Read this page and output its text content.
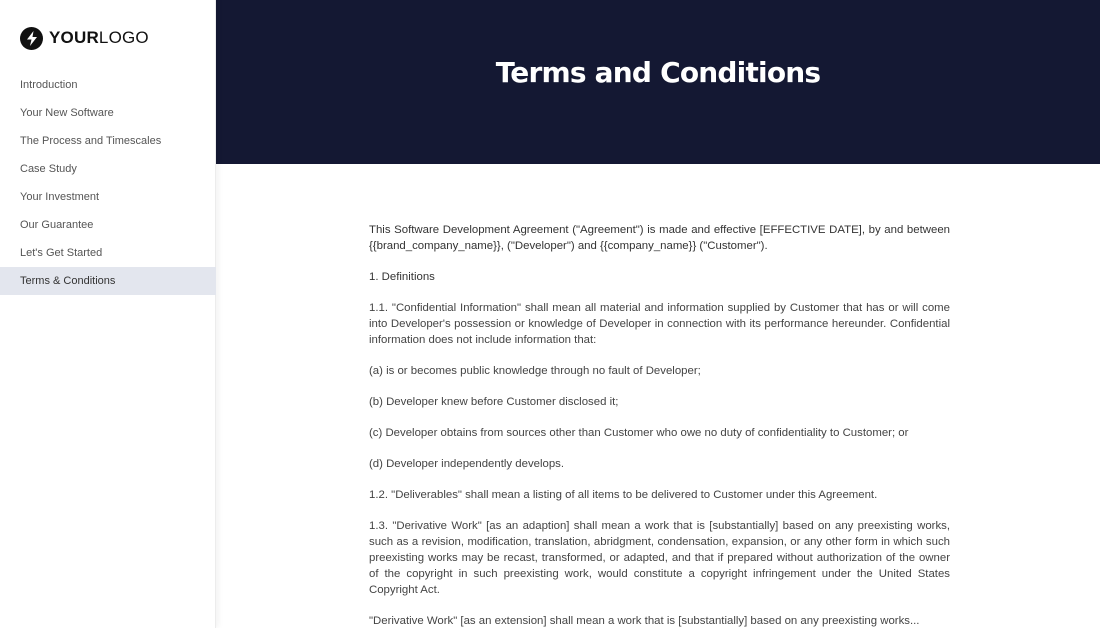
YOURLOGO
Introduction
Your New Software
The Process and Timescales
Case Study
Your Investment
Our Guarantee
Let's Get Started
Terms & Conditions
Terms and Conditions

This Software Development Agreement ("Agreement") is made and effective [EFFECTIVE DATE], by and between {{brand_company_name}}, ("Developer") and {{company_name}} ("Customer").

1. Definitions

1.1. "Confidential Information" shall mean all material and information supplied by Customer that has or will come into Developer's possession or knowledge of Developer in connection with its performance hereunder. Confidential information does not include information that:

(a) is or becomes public knowledge through no fault of Developer;

(b) Developer knew before Customer disclosed it;

(c) Developer obtains from sources other than Customer who owe no duty of confidentiality to Customer; or

(d) Developer independently develops.

1.2. "Deliverables" shall mean a listing of all items to be delivered to Customer under this Agreement.

1.3. "Derivative Work" [as an adaption] shall mean a work that is [substantially] based on any preexisting works, such as a revision, modification, translation, abridgment, condensation, expansion, or any other form in which such preexisting works may be recast, transformed, or adapted, and that if prepared without authorization of the owner of the copyright in such preexisting work, would constitute a copyright infringement under the United States Copyright Act.

"Derivative Work" [as an extension] shall mean a work that is [substantially] based on any preexisting works...
